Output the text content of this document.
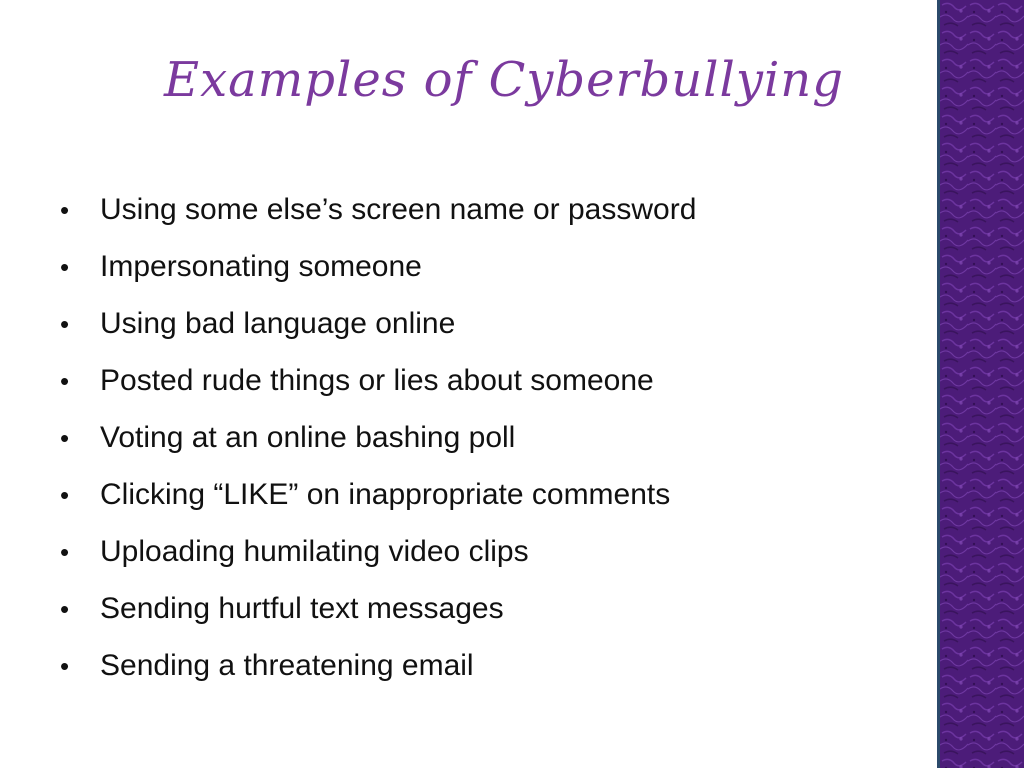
Examples of Cyberbullying
• Using some else’s screen name or password
• Impersonating someone
• Using bad language online
• Posted rude things or lies about someone
• Voting at an online bashing poll
• Clicking “LIKE” on inappropriate comments
• Uploading humilating video clips
• Sending hurtful text messages
• Sending a threatening email
